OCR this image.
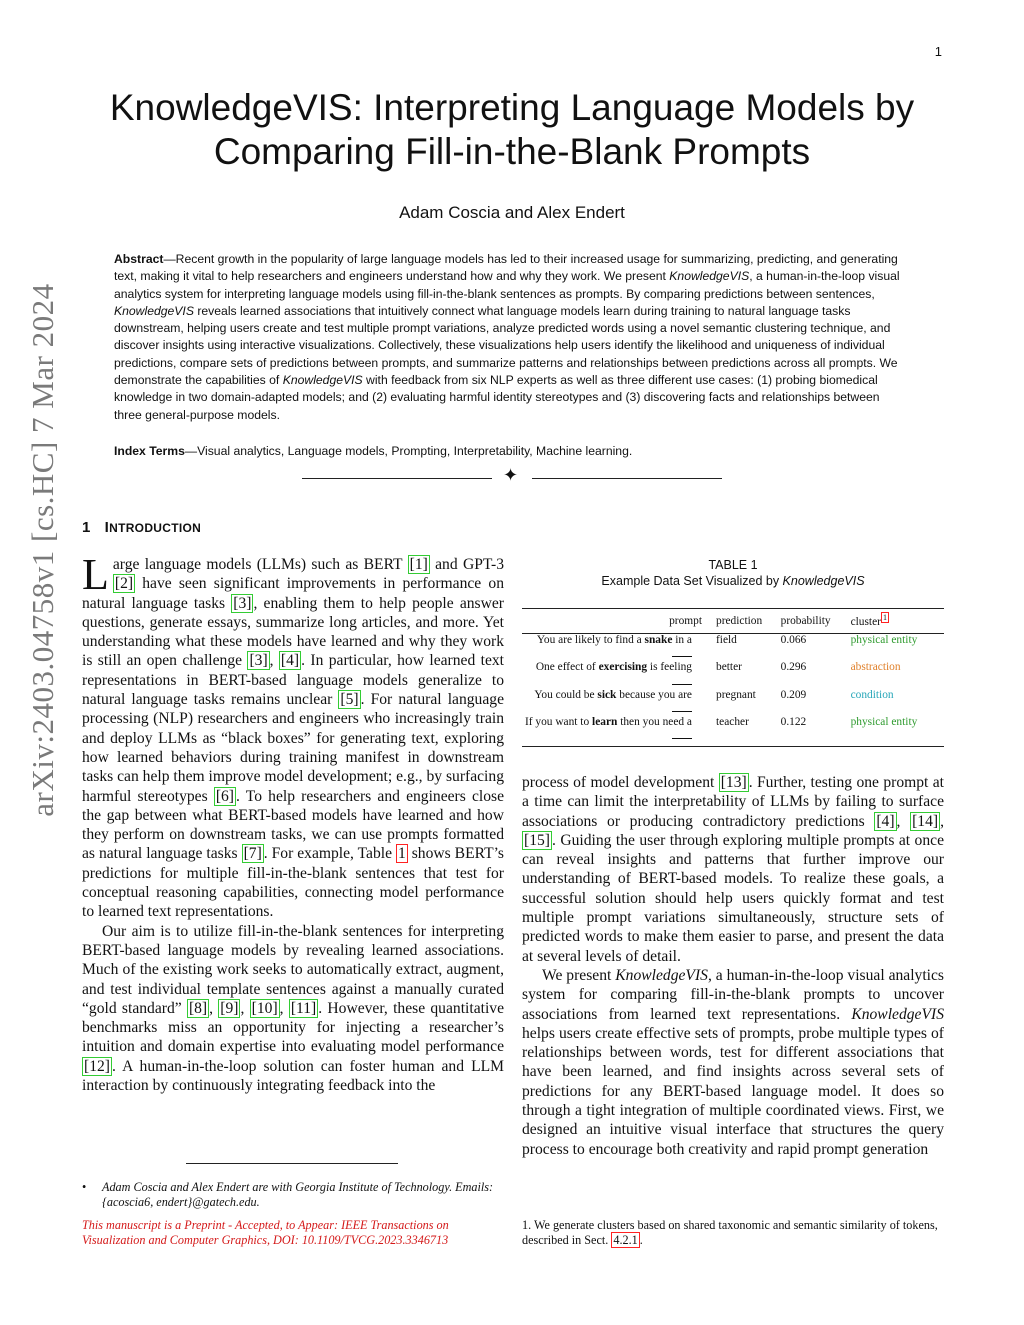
1
arXiv:2403.04758v1 [cs.HC] 7 Mar 2024
KnowledgeVIS: Interpreting Language Models by Comparing Fill-in-the-Blank Prompts
Adam Coscia and Alex Endert
Abstract—Recent growth in the popularity of large language models has led to their increased usage for summarizing, predicting, and generating text, making it vital to help researchers and engineers understand how and why they work. We present KnowledgeVIS, a human-in-the-loop visual analytics system for interpreting language models using fill-in-the-blank sentences as prompts. By comparing predictions between sentences, KnowledgeVIS reveals learned associations that intuitively connect what language models learn during training to natural language tasks downstream, helping users create and test multiple prompt variations, analyze predicted words using a novel semantic clustering technique, and discover insights using interactive visualizations. Collectively, these visualizations help users identify the likelihood and uniqueness of individual predictions, compare sets of predictions between prompts, and summarize patterns and relationships between predictions across all prompts. We demonstrate the capabilities of KnowledgeVIS with feedback from six NLP experts as well as three different use cases: (1) probing biomedical knowledge in two domain-adapted models; and (2) evaluating harmful identity stereotypes and (3) discovering facts and relationships between three general-purpose models.
Index Terms—Visual analytics, Language models, Prompting, Interpretability, Machine learning.
✦
1 INTRODUCTION

Large language models (LLMs) such as BERT [1] and GPT-3 [2] have seen significant improvements in performance on natural language tasks [3] , enabling them to help people answer questions, generate essays, summarize long articles, and more. Yet understanding what these models have learned and why they work is still an open challenge [3] , [4] . In particular, how learned text representations in BERT-based language models generalize to natural language tasks remains unclear [5] . For natural language processing (NLP) researchers and engineers who increasingly train and deploy LLMs as “black boxes” for generating text, exploring how learned behaviors during training manifest in downstream tasks can help them improve model development; e.g., by surfacing harmful stereotypes [6] . To help researchers and engineers close the gap between what BERT-based models have learned and how they perform on downstream tasks, we can use prompts formatted as natural language tasks [7] . For example, Table 1 shows BERT’s predictions for multiple fill-in-the-blank sentences that test for conceptual reasoning capabilities, connecting model performance to learned text representations.

Our aim is to utilize fill-in-the-blank sentences for interpreting BERT-based language models by revealing learned associations. Much of the existing work seeks to automatically extract, augment, and test individual template sentences against a manually curated “gold standard” [8] , [9] , [10] , [11] . However, these quantitative benchmarks miss an opportunity for injecting a researcher’s intuition and domain expertise into evaluating model performance [12] . A human-in-the-loop solution can foster human and LLM interaction by continuously integrating feedback into the

TABLE 1
Example Data Set Visualized by KnowledgeVIS
prompt	prediction	probability	cluster $^1$
You are likely to find a snake in a	field	0.066	physical entity
One effect of exercising is feeling	better	0.296	abstraction
You could be sick because you are	pregnant	0.209	condition
If you want to learn then you need a	teacher	0.122	physical entity

process of model development [13] . Further, testing one prompt at a time can limit the interpretability of LLMs by failing to surface associations or producing contradictory predictions [4] , [14] , [15] . Guiding the user through exploring multiple prompts at once can reveal insights and patterns that further improve our understanding of BERT-based models. To realize these goals, a successful solution should help users quickly format and test multiple prompt variations simultaneously, structure sets of predicted words to make them easier to parse, and present the data at several levels of detail.

We present KnowledgeVIS, a human-in-the-loop visual analytics system for comparing fill-in-the-blank prompts to uncover associations from learned text representations. KnowledgeVIS helps users create effective sets of prompts, probe multiple types of relationships between words, test for different associations that have been learned, and find insights across several sets of predictions for any BERT-based language model. It does so through a tight integration of multiple coordinated views. First, we designed an intuitive visual interface that structures the query process to encourage both creativity and rapid prompt generation

• Adam Coscia and Alex Endert are with Georgia Institute of Technology. Emails: {acoscia6, endert}@gatech.edu.
This manuscript is a Preprint - Accepted, to Appear: IEEE Transactions on Visualization and Computer Graphics, DOI: 10.1109/TVCG.2023.3346713
1. We generate clusters based on shared taxonomic and semantic similarity of tokens, described in Sect. 4.2.1 .
